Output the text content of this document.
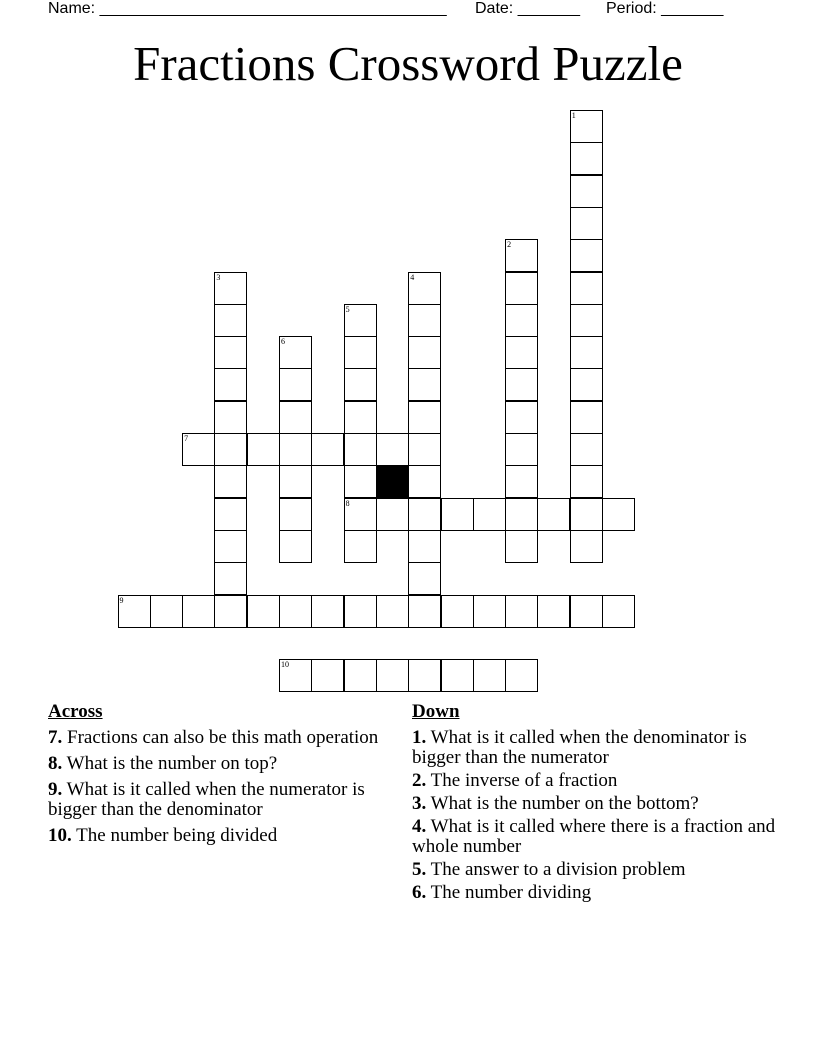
Name: _______________________________________ Date: _______ Period: _______
Fractions Crossword Puzzle
1
2
3	4
5
8
6
7
9
10
Across
7. Fractions can also be this math operation
8. What is the number on top?
9. What is it called when the numerator is bigger than the denominator
10. The number being divided
Down
1. What is it called when the denominator is bigger than the numerator
2. The inverse of a fraction
3. What is the number on the bottom?
4. What is it called where there is a fraction and whole number
5. The answer to a division problem
6. The number dividing
